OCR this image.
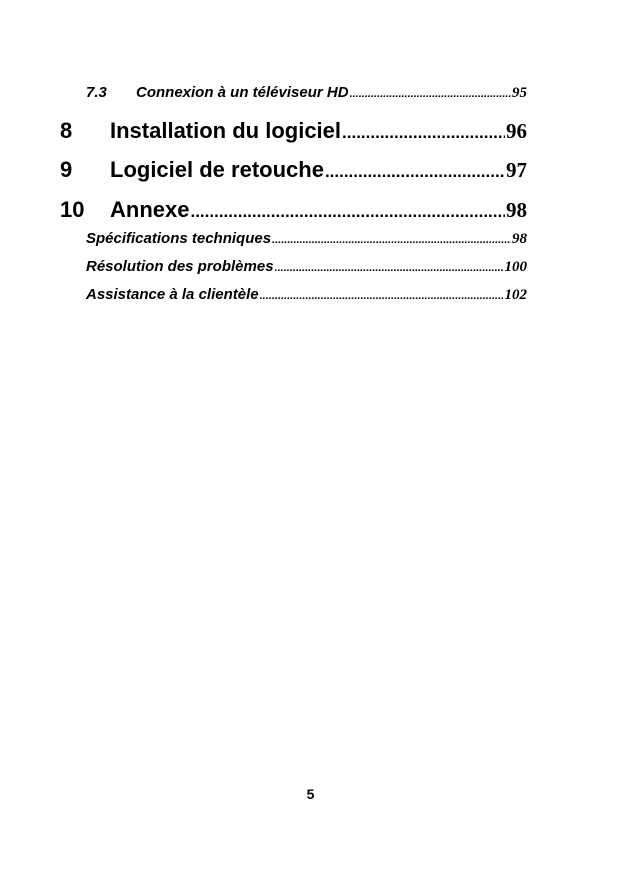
7.3	Connexion à un téléviseur HD .....	95
8	Installation du logiciel .....	96
9	Logiciel de retouche .....	97
10	Annexe .....	98
Spécifications techniques .....	98
Résolution des problèmes .....	100
Assistance à la clientèle .....	102
5
